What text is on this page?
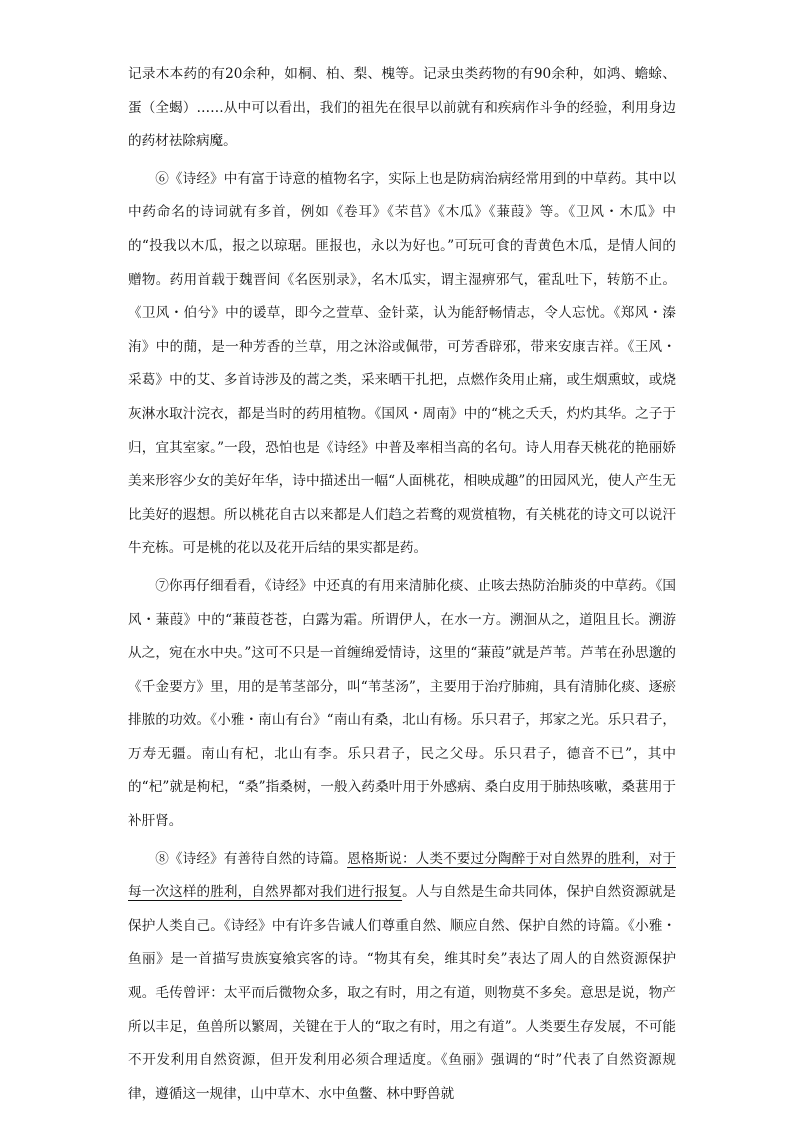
记录木本药的有20余种，如桐、柏、梨、槐等。记录虫类药物的有90余种，如鸿、蟾蜍、蛋（全蝎）……从中可以看出，我们的祖先在很早以前就有和疾病作斗争的经验，利用身边的药材祛除病魔。

⑥《诗经》中有富于诗意的植物名字，实际上也是防病治病经常用到的中草药。其中以中药命名的诗词就有多首，例如《卷耳》《芣苢》《木瓜》《蒹葭》等。《卫风・木瓜》中的“投我以木瓜，报之以琼琚。匪报也，永以为好也。”可玩可食的青黄色木瓜，是情人间的赠物。药用首载于魏晋间《名医别录》，名木瓜实，谓主湿痹邪气，霍乱吐下，转筋不止。《卫风・伯兮》中的谖草，即今之萱草、金针菜，认为能舒畅情志，令人忘忧。《郑风・溱洧》中的蕑，是一种芳香的兰草，用之沐浴或佩带，可芳香辟邪，带来安康吉祥。《王风・采葛》中的艾、多首诗涉及的蒿之类，采来晒干扎把，点燃作灸用止痛，或生烟熏蚊，或烧灰淋水取汁浣衣，都是当时的药用植物。《国风・周南》中的“桃之夭夭，灼灼其华。之子于归，宜其室家。”一段，恐怕也是《诗经》中普及率相当高的名句。诗人用春天桃花的艳丽娇美来形容少女的美好年华，诗中描述出一幅“人面桃花，相映成趣”的田园风光，使人产生无比美好的遐想。所以桃花自古以来都是人们趋之若鹜的观赏植物，有关桃花的诗文可以说汗牛充栋。可是桃的花以及花开后结的果实都是药。

⑦你再仔细看看，《诗经》中还真的有用来清肺化痰、止咳去热防治肺炎的中草药。《国风・蒹葭》中的“蒹葭苍苍，白露为霜。所谓伊人，在水一方。溯洄从之，道阻且长。溯游从之，宛在水中央。”这可不只是一首缠绵爱情诗，这里的“蒹葭”就是芦苇。芦苇在孙思邈的《千金要方》里，用的是苇茎部分，叫“苇茎汤”，主要用于治疗肺痈，具有清肺化痰、逐瘀排脓的功效。《小雅・南山有台》“南山有桑，北山有杨。乐只君子，邦家之光。乐只君子，万寿无疆。南山有杞，北山有李。乐只君子，民之父母。乐只君子，德音不已”，其中的“杞”就是枸杞，“桑”指桑树，一般入药桑叶用于外感病、桑白皮用于肺热咳嗽，桑葚用于补肝肾。

⑧《诗经》有善待自然的诗篇。恩格斯说：人类不要过分陶醉于对自然界的胜利，对于每一次这样的胜利，自然界都对我们进行报复。人与自然是生命共同体，保护自然资源就是保护人类自己。《诗经》中有许多告诫人们尊重自然、顺应自然、保护自然的诗篇。《小雅・鱼丽》是一首描写贵族宴飨宾客的诗。“物其有矣，维其时矣”表达了周人的自然资源保护观。毛传曾评：太平而后微物众多，取之有时，用之有道，则物莫不多矣。意思是说，物产所以丰足，鱼兽所以繁周，关键在于人的“取之有时，用之有道”。人类要生存发展，不可能不开发利用自然资源，但开发利用必须合理适度。《鱼丽》强调的“时”代表了自然资源规律，遵循这一规律，山中草木、水中鱼鳖、林中野兽就
